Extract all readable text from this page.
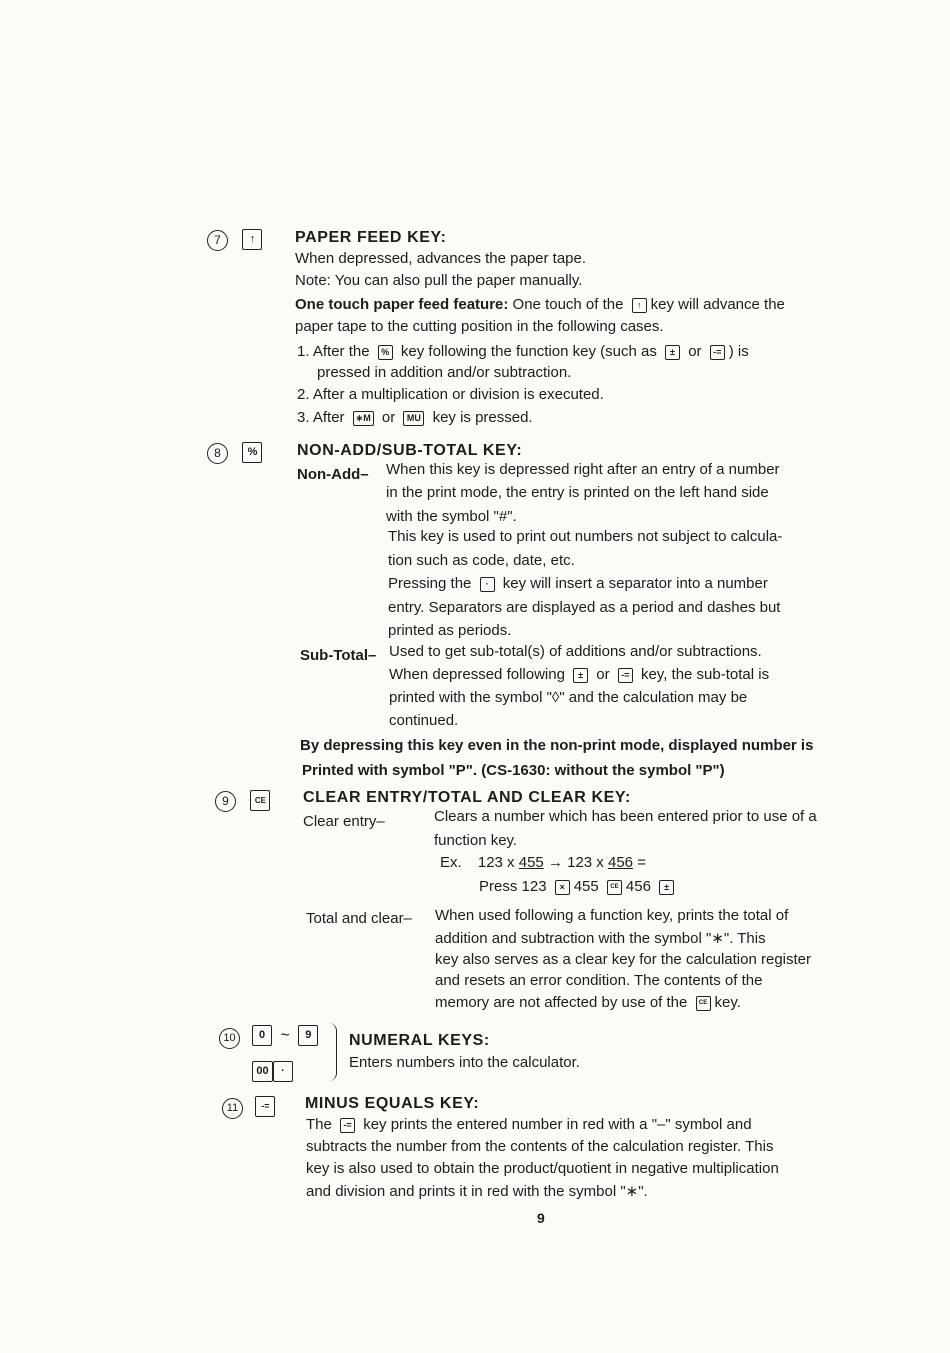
7	↑	PAPER FEED KEY:
When depressed, advances the paper tape.
Note: You can also pull the paper manually.
One touch paper feed feature: One touch of the ↑ key will advance the
paper tape to the cutting position in the following cases.
1. After the % key following the function key (such as ± or -= ) is
pressed in addition and/or subtraction.
2. After a multiplication or division is executed.
3. After ∗M or MU key is pressed.
8 %	NON-ADD/SUB-TOTAL KEY:
Non-Add– When this key is depressed right after an entry of a number
in the print mode, the entry is printed on the left hand side
with the symbol "#".
This key is used to print out numbers not subject to calcula-
tion such as code, date, etc.
Pressing the · key will insert a separator into a number
entry. Separators are displayed as a period and dashes but
printed as periods.
Sub-Total– Used to get sub-total(s) of additions and/or subtractions.
When depressed following ± or -= key, the sub-total is
printed with the symbol "◊" and the calculation may be
continued.
By depressing this key even in the non-print mode, displayed number is
Printed with symbol "P". (CS-1630: without the symbol "P")
9	CE CLEAR ENTRY/TOTAL AND CLEAR KEY:
Clear entry–	Clears a number which has been entered prior to use of a
function key.
Ex. 123 x 455 → 123 x 456 =
Press 123 × 455 CE 456 ±
Total and clear– When used following a function key, prints the total of
addition and subtraction with the symbol "∗". This
key also serves as a clear key for the calculation register
and resets an error condition. The contents of the
memory are not affected by use of the CE key.
10	0 ~ 9
00 ·
NUMERAL KEYS:
Enters numbers into the calculator.
11	-=	MINUS EQUALS KEY:
The -= key prints the entered number in red with a "–" symbol and
subtracts the number from the contents of the calculation register. This
key is also used to obtain the product/quotient in negative multiplication
and division and prints it in red with the symbol "∗".
9
